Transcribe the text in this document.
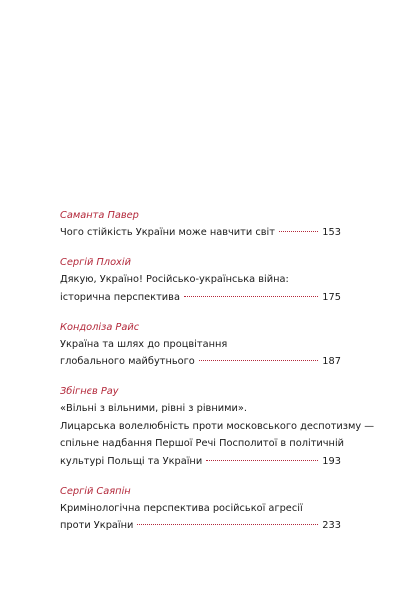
Саманта Павер
Чого стійкість України може навчити світ	153
Сергій Плохій
Дякую, Україно! Російсько-українська війна:
історична перспектива	175
Кондоліза Райс
Україна та шлях до процвітання
глобального майбутнього	187
Збігнєв Рау
«Вільні з вільними, рівні з рівними».
Лицарська волелюбність проти московського деспотизму —
спільне надбання Першої Речі Посполитої в політичній
культурі Польщі та України	193
Сергій Саяпін
Кримінологічна перспектива російської агресії
проти України	233
